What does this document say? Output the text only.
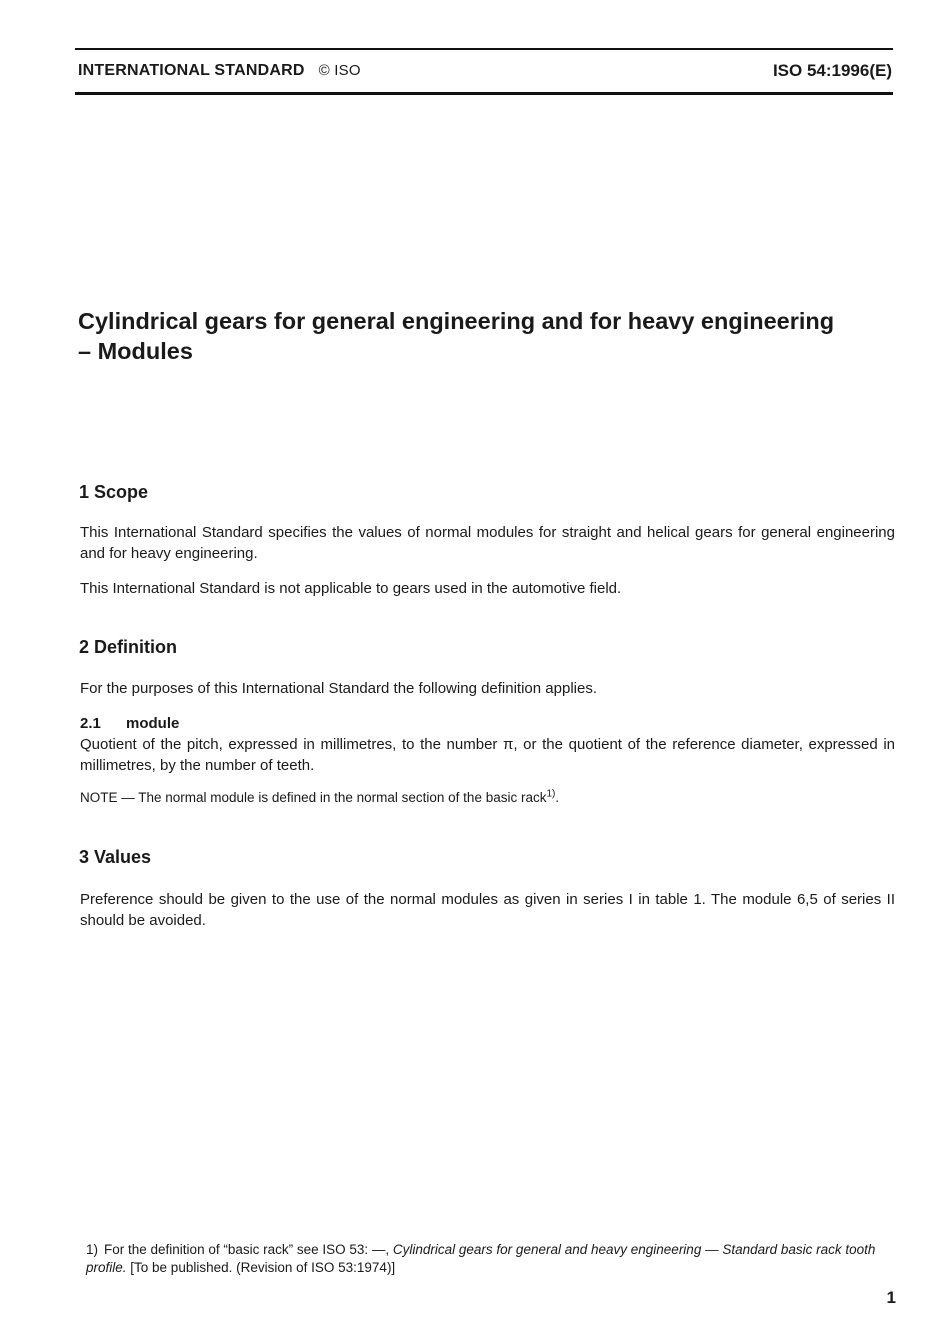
INTERNATIONAL STANDARD © ISO	ISO 54:1996(E)
Cylindrical gears for general engineering and for heavy engineering – Modules
1 Scope

This International Standard specifies the values of normal modules for straight and helical gears for general engineering and for heavy engineering.

This International Standard is not applicable to gears used in the automotive field.

2 Definition

For the purposes of this International Standard the following definition applies.

2.1 module

Quotient of the pitch, expressed in millimetres, to the number π, or the quotient of the reference diameter, expressed in millimetres, by the number of teeth.

NOTE — The normal module is defined in the normal section of the basic rack$^{1)}$.
3 Values

Preference should be given to the use of the normal modules as given in series I in table 1. The module 6,5 of series II should be avoided.

1) For the definition of “basic rack” see ISO 53: —, Cylindrical gears for general and heavy engineering — Standard basic rack tooth profile. [To be published. (Revision of ISO 53:1974)]

1
